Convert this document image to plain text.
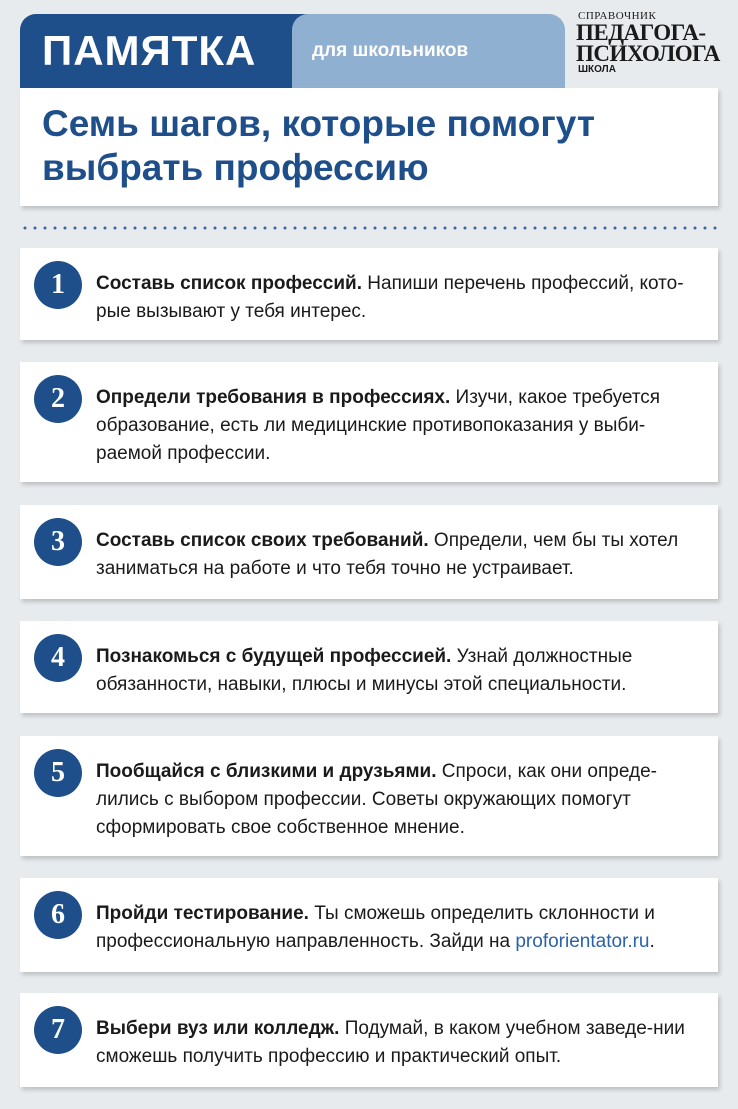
ПАМЯТКА	для школьников
СПРАВОЧНИК
ПЕДАГОГА-
ПСИХОЛОГА
ШКОЛА
Семь шагов, которые помогут выбрать профессию
1	Составь список профессий. Напиши перечень профессий, кото-рые вызывают у тебя интерес.
2	Определи требования в профессиях. Изучи, какое требуется образование, есть ли медицинские противопоказания у выби-раемой профессии.
3	Составь список своих требований. Определи, чем бы ты хотел заниматься на работе и что тебя точно не устраивает.
4	Познакомься с будущей профессией. Узнай должностные обязанности, навыки, плюсы и минусы этой специальности.
5	Пообщайся с близкими и друзьями. Спроси, как они опреде-лились с выбором профессии. Советы окружающих помогут сформировать свое собственное мнение.
6	Пройди тестирование. Ты сможешь определить склонности и профессиональную направленность. Зайди на proforientator.ru.
7	Выбери вуз или колледж. Подумай, в каком учебном заведе-нии сможешь получить профессию и практический опыт.
